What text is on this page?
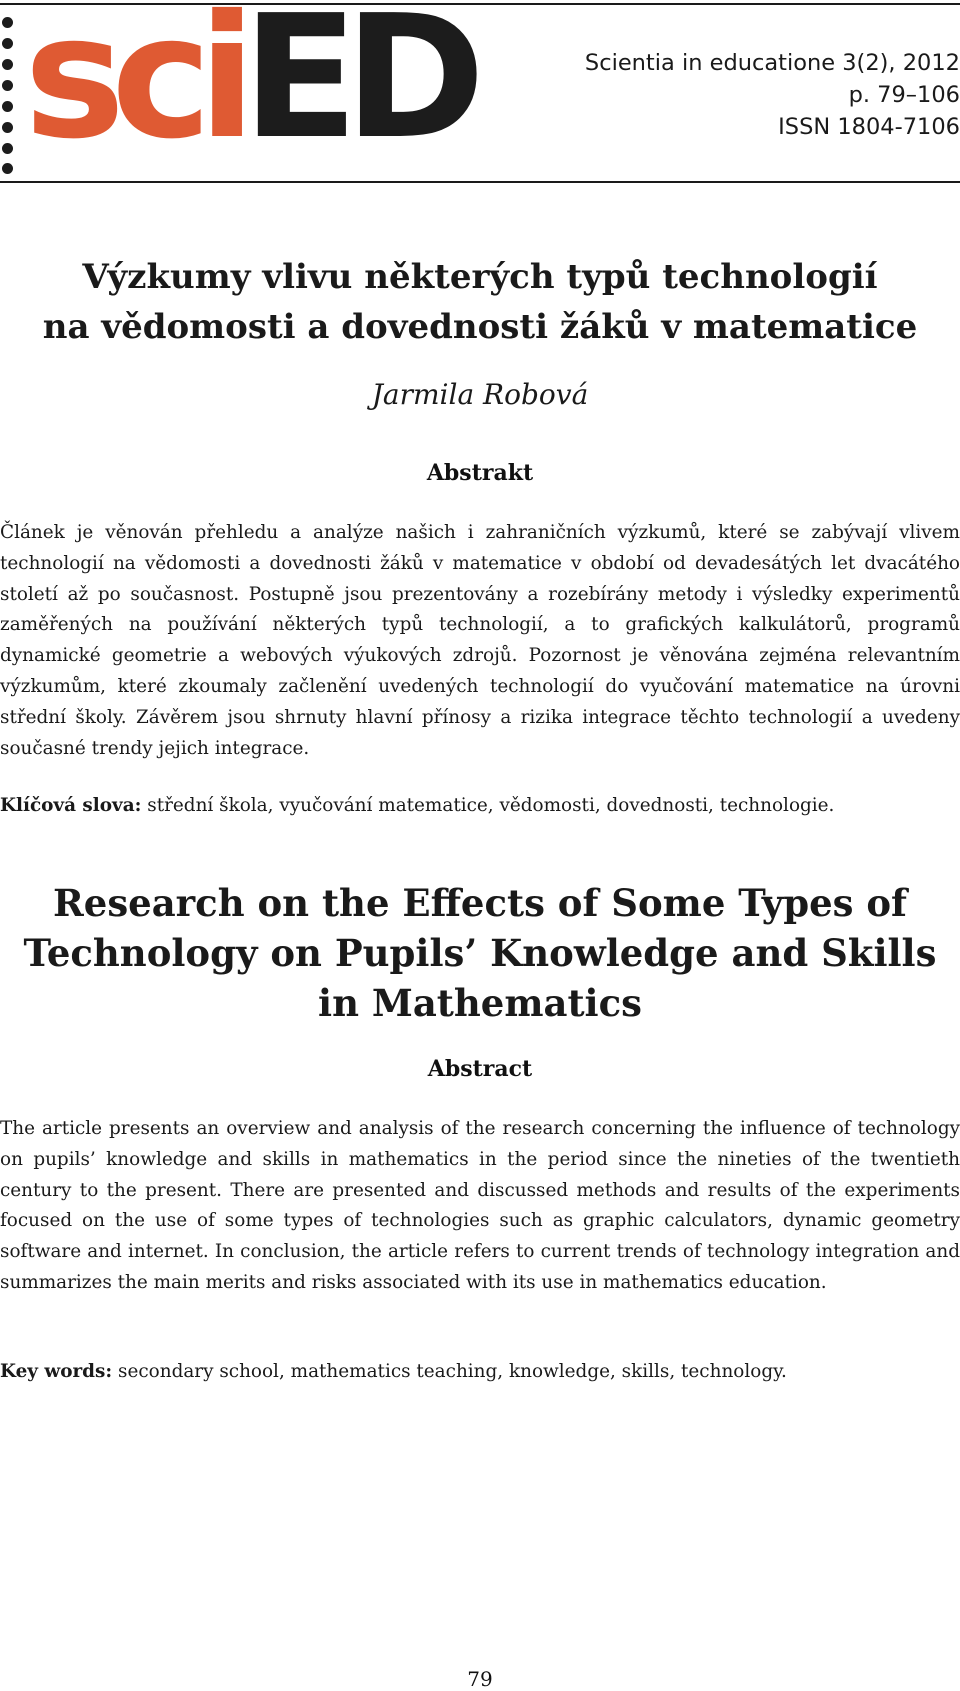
sciED	Scientia in educatione 3(2), 2012
p. 79–106
ISSN 1804-7106
Výzkumy vlivu některých typů technologií
na vědomosti a dovednosti žáků v matematice
Jarmila Robová
Abstrakt
Článek je věnován přehledu a analýze našich i zahraničních výzkumů, které se zabývají vlivem technologií na vědomosti a dovednosti žáků v matematice v období od devadesátých let dvacátého století až po současnost. Postupně jsou prezentovány a rozebírány metody i výsledky experimentů zaměřených na používání některých typů technologií, a to grafických kalkulátorů, programů dynamické geometrie a webových výukových zdrojů. Pozornost je věnována zejména relevantním výzkumům, které zkoumaly začlenění uvedených technologií do vyučování matematice na úrovni střední školy. Závěrem jsou shrnuty hlavní přínosy a rizika integrace těchto technologií a uvedeny současné trendy jejich integrace.
Klíčová slova: střední škola, vyučování matematice, vědomosti, dovednosti, technologie.
Research on the Effects of Some Types of
Technology on Pupils’ Knowledge and Skills
in Mathematics
Abstract
The article presents an overview and analysis of the research concerning the influence of technology on pupils’ knowledge and skills in mathematics in the period since the nineties of the twentieth century to the present. There are presented and discussed methods and results of the experiments focused on the use of some types of technologies such as graphic calculators, dynamic geometry software and internet. In conclusion, the article refers to current trends of technology integration and summarizes the main merits and risks associated with its use in mathematics education.
Key words: secondary school, mathematics teaching, knowledge, skills, technology.
79
